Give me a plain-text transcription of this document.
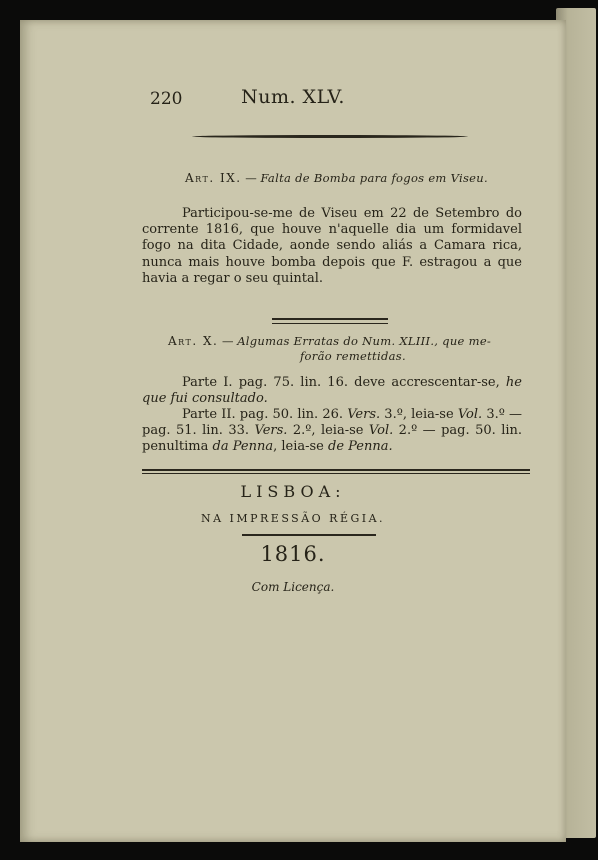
220	Num. XLV.
Art. IX. — Falta de Bomba para fogos em Viseu.
Participou-se-me de Viseu em 22 de Setembro do corrente 1816, que houve n'aquelle dia um formidavel fogo na dita Cidade, aonde sendo aliás a Camara rica, nunca mais houve bomba depois que F. estragou a que havia a regar o seu quintal.
Art. X. — Algumas Erratas do Num. XLIII., que me-
forão remettidas.
Parte I. pag. 75. lin. 16. deve accrescentar-se, he que fui consultado.
Parte II. pag. 50. lin. 26. Vers. 3.º, leia-se Vol. 3.º — pag. 51. lin. 33. Vers. 2.º, leia-se Vol. 2.º — pag. 50. lin. penultima da Penna, leia-se de Penna.
LISBOA:
NA IMPRESSÃO RÉGIA.
1816.
Com Licença.
